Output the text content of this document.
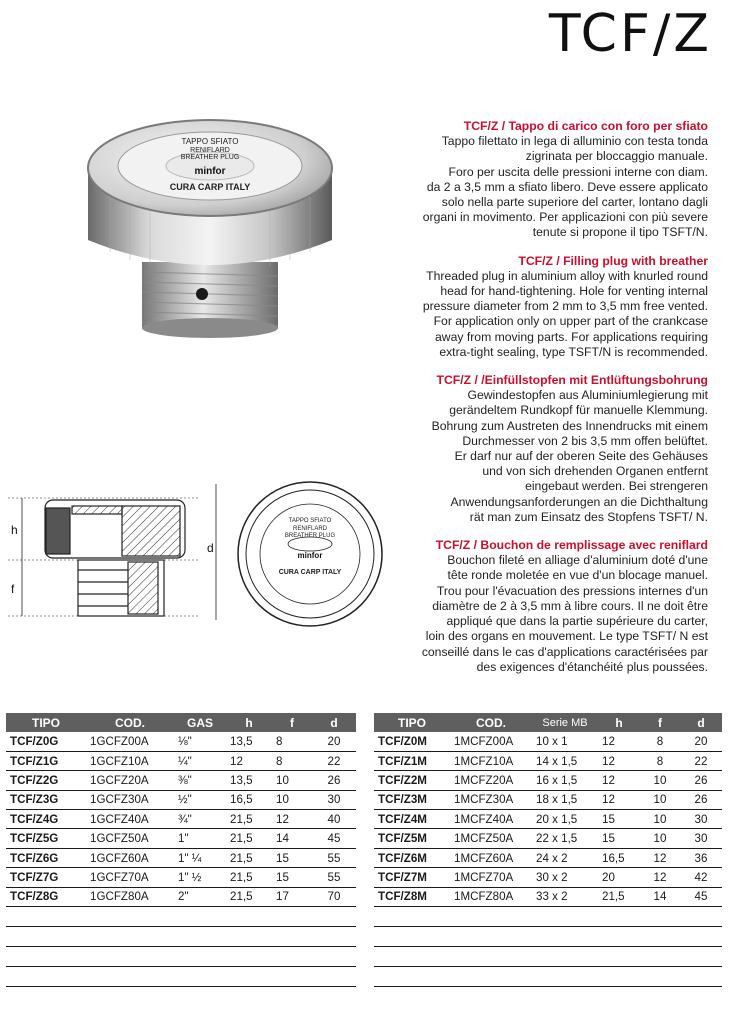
TCF/Z
TAPPO SFIATO
RENIFLARD
BREATHER PLUG
minfor
CURA CARP ITALY
TCF/Z / Tappo di carico con foro per sfiato
Tappo filettato in lega di alluminio con testa tonda
zigrinata per bloccaggio manuale.
Foro per uscita delle pressioni interne con diam.
da 2 a 3,5 mm a sfiato libero. Deve essere applicato
solo nella parte superiore del carter, lontano dagli
organi in movimento. Per applicazioni con più severe
tenute si propone il tipo TSFT/N.
TCF/Z / Filling plug with breather
Threaded plug in aluminium alloy with knurled round
head for hand-tightening. Hole for venting internal
pressure diameter from 2 mm to 3,5 mm free vented.
For application only on upper part of the crankcase
away from moving parts. For applications requiring
extra-tight sealing, type TSFT/N is recommended.
TCF/Z / /Einfüllstopfen mit Entlüftungsbohrung
Gewindestopfen aus Aluminiumlegierung mit
gerändeltem Rundkopf für manuelle Klemmung.
Bohrung zum Austreten des Innendrucks mit einem
Durchmesser von 2 bis 3,5 mm offen belüftet.
Er darf nur auf der oberen Seite des Gehäuses
und von sich drehenden Organen entfernt
eingebaut werden. Bei strengeren
Anwendungsanforderungen an die Dichthaltung
rät man zum Einsatz des Stopfens TSFT/ N.
TCF/Z / Bouchon de remplissage avec reniflard
Bouchon fileté en alliage d'aluminium doté d'une
tête ronde moletée en vue d'un blocage manuel.
Trou pour l'évacuation des pressions internes d'un
diamètre de 2 à 3,5 mm à libre cours. Il ne doit être
appliqué que dans la partie supérieure du carter,
loin des organs en mouvement. Le type TSFT/ N est
conseillé dans le cas d'applications caractérisées par
des exigences d'étanchéité plus poussées.
h
f
d
TAPPO SFIATO
RENIFLARD
BREATHER PLUG
minfor
CURA CARP ITALY
TIPO	COD.	GAS	h	f	d
TCF/Z0G	1GCFZ00A	⅛"	13,5	8	20
TCF/Z1G	1GCFZ10A	¼"	12	8	22
TCF/Z2G	1GCFZ20A	⅜"	13,5	10	26
TCF/Z3G	1GCFZ30A	½"	16,5	10	30
TCF/Z4G	1GCFZ40A	¾"	21,5	12	40
TCF/Z5G	1GCFZ50A	1"	21,5	14	45
TCF/Z6G	1GCFZ60A	1" ¼	21,5	15	55
TCF/Z7G	1GCFZ70A	1" ½	21,5	15	55
TCF/Z8G	1GCFZ80A	2"	21,5	17	70

TIPO	COD.	Serie MB	h	f	d
TCF/Z0M	1MCFZ00A	10 x 1	12	8	20
TCF/Z1M	1MCFZ10A	14 x 1,5	12	8	22
TCF/Z2M	1MCFZ20A	16 x 1,5	12	10	26
TCF/Z3M	1MCFZ30A	18 x 1,5	12	10	26
TCF/Z4M	1MCFZ40A	20 x 1,5	15	10	30
TCF/Z5M	1MCFZ50A	22 x 1,5	15	10	30
TCF/Z6M	1MCFZ60A	24 x 2	16,5	12	36
TCF/Z7M	1MCFZ70A	30 x 2	20	12	42
TCF/Z8M	1MCFZ80A	33 x 2	21,5	14	45
